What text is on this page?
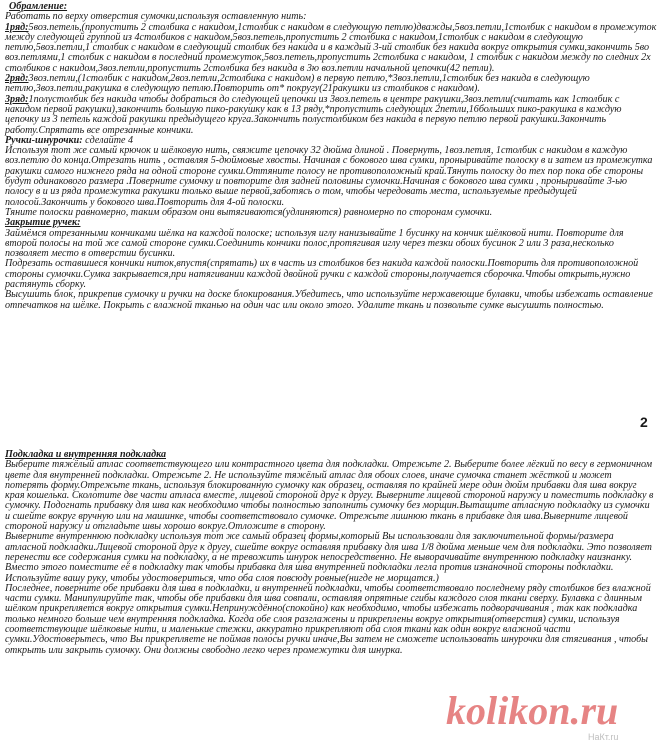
Обрамление:

Работать по верху отверстия сумочки,используя оставленную нить:

1ряд:5воз.петель,(пропустить 2 столбика с накидом,1столбик с накидом в следующую петлю)дважды,5воз.петли,1столбик с накидом в промежуток между следующей группой из 4столбиков с накидом,5воз.петель,пропустить 2 столбика с накидом,1столбик с накидом в следующую петлю,5воз.петли,1 столбик с накидом в следующий столбик без накида и в каждый 3-ий столбик без накида вокруг открытия сумки,закончить 5во воз.петлями,1 столбик с накидом в последний промежуток,5воз.петель,пропустить 2столбика с накидом, 1 столбик с накидом между по следних 2х столбиков с накидом,3воз.петли,пропустить 2столбика без накида в 3ю воз.петли начальной цепочки(42 петли).

2ряд:3воз.петли,(1столбик с накидом,2воз.петли,2столбика с накидом) в первую петлю,*3воз.петли,1столбик без накида в следующую петлю,3воз.петли,ракушка в следующую петлю.Повторить от* покругу(21ракушки из столбиков с накидом).

3ряд:1полустолбик без накида чтобы добраться до следующей цепочки из 3воз.петель в центре ракушки,3воз.петли(считать как 1столбик с накидом первой ракушки),закончить большую пико-ракушку как в 13 ряду,*пропустить следующих 2петли,16больших пико-ракушка в каждую цепочку из 3 петель каждой ракушки предыдущего круга.Закончить полустолбиком без накида в первую петлю первой ракушки.Закончить работу.Спрятать все отрезанные кончики.

Ручки-шнурочки: сделайте 4

Используя тот же самый крючок и шёлковую нить, свяжите цепочку 32 дюйма длиной . Повернуть, 1воз.петля, 1столбик с накидом в каждую воз.петлю до конца.Отрезать нить , оставляя 5-дюймовые хвосты. Начиная с бокового шва сумки, проныривайте полоску в и затем из промежутка ракушки самого нижнего ряда на одной стороне сумки.Оттяните полосу не противоположный край.Тянуть полоску до тех пор пока обе стороны будут одинакового размера .Поверните сумочку и повторите для задней половины сумочки.Начиная с бокового шва сумки , проныривайте 3-ью полосу в и из ряда промежутка ракушки только выше первой,заботясь о том, чтобы чередовать места, используемые предыдущей полосой.Закончить у бокового шва.Повторить для 4-ой полоски.

Тяните полоски равномерно, таким образом они вытягиваются(удлиняются) равномерно по сторонам сумочки.

Закрытие ручек:

Займёмся отрезанными кончиками шёлка на каждой полоске; используя иглу нанизывайте 1 бусинку на кончик шёлковой нити. Повторите для второй полосы на той же самой стороне сумки.Соединить кончики полос,протягивая иглу через тезки обоих бусинок 2 или 3 раза,несколько позволяет место в отверстии бусинки.

Подрезать оставшиеся кончики ниток,впустя(спрятать) их в часть из столбиков без накида каждой полоски.Повторить для противоположной стороны сумочки.Сумка закрывается,при натягивании каждой двойной ручки с каждой стороны,получается сборочка.Чтобы открыть,нужно растянуть сборку.

Высушить блок, прикрепив сумочку и ручки на доске блокирования.Убедитесь, что используйте нержавеющие булавки, чтобы избежать оставление отпечатков на шёлке. Покрыть с влажной тканью на один час или около этого. Удалите ткань и позвольте сумке высушить полностью.

2
Подкладка и внутренняя подкладка

Выберите тяжёлый атлас соответствующего или контрастного цвета для подкладки. Отрежьте 2. Выберите более лёгкий по весу в гермоничном цвете для внутренней подкладки. Отрежьте 2. Не используйте тяжёлый атлас для обоих слоев, иначе сумочка станет жёсткой и может потерять форму.Отрежьте ткань, используя блокированную сумочку как образец, оставляя по крайней мере один дюйм прибавки для шва вокруг края кошелька. Сколотите две части атласа вместе, лицевой стороной друг к другу. Выверните лицевой стороной наружу и поместить подкладку в сумочку. Подогнать прибавку для шва как необходимо чтобы полностью заполнить сумочку без морщин.Вытащите атласную подкладку из сумочки и сшейте вокруг вручную или на машинке, чтобы соответствовало сумочке. Отрежьте лишнюю ткань в прибавке для шва.Выверните лицевой стороной наружу и отгладьте швы хорошо вокруг.Отложите в сторону.

Выверните внутреннюю подкладку используя тот же самый образец формы,который Вы использовали для заключительной формы/размера атласной подкладки.Лицевой стороной друг к другу, сшейте вокруг оставляя прибавку для шва 1/8 дюйма меньше чем для подкладки. Это позволяет перенести все содержания сумки на подкладку, а не тревожить шнурок непосредственно. Не выворачивайте внутреннюю подкладку наизнанку. Вместо этого поместите её в подкладку так чтобы прибавка для шва внутренней подкладки легла против изнаночной стороны подкладки. Используйте вашу руку, чтобы удостовериться, что оба слоя повсюду ровные(нигде не морщатся.)

Последнее, поверните обе прибавки для шва в подкладки, и внутренней подкладки, чтобы соответствовало последнему ряду столбиков без влажной части сумки. Манипулируйте так, чтобы обе прибавки для шва совпали, оставляя опрятные сгибы каждого слоя ткани сверху. Булавка с длинным шёлком прикрепляется вокруг открытия сумки.Непринуждённо(спокойно) как необходимо, чтобы избежать подворачивания , так как подкладка только немного больше чем внутренняя подкладка. Когда обе слоя разглажены и прикреплены вокруг открытия(отверстия) сумки, используя соответствующие шёлковые нити, и маленькие стежки, аккуратно прикрепляют оба слоя ткани как один вокруг влажной части сумки.Удостоверьтесь, что Вы прикрепляете не поймав полосы ручки иначе,Вы затем не сможете использовать шнурочки для стягивания , чтобы открыть или закрыть сумочку. Они должны свободно легко через промежутки для шнурка.

kolikon.ru
НаКт.ru
